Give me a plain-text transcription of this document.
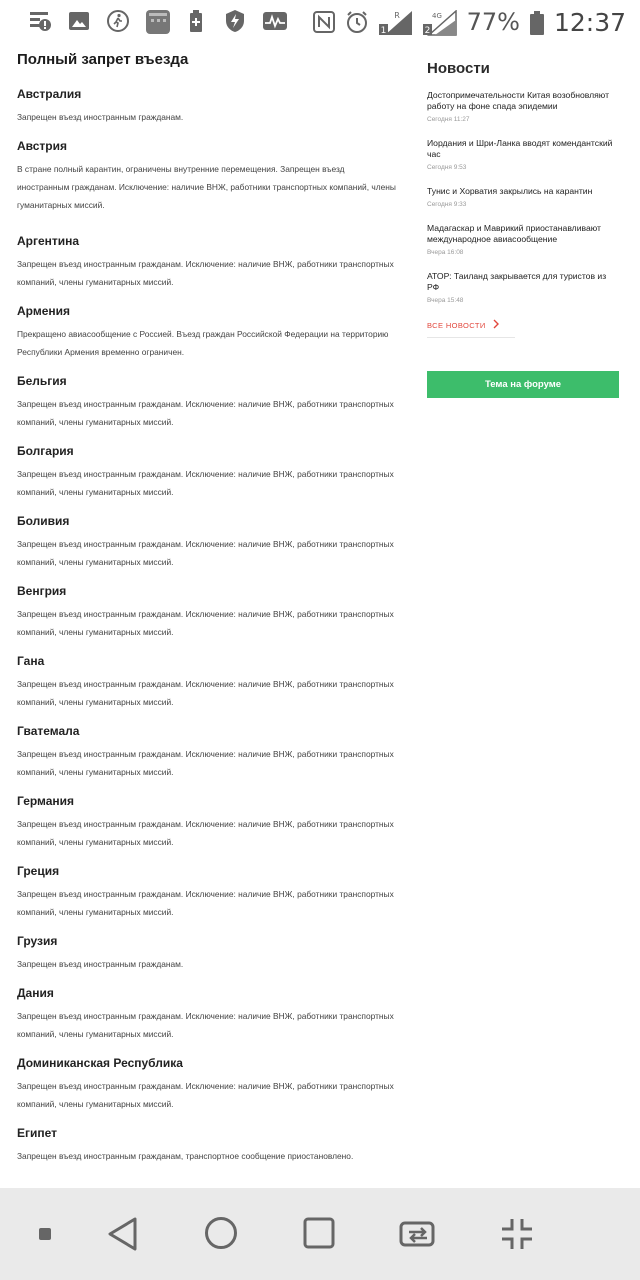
1
R
2
4G 77% 12:37
Полный запрет въезда
Австралия
Запрещен въезд иностранным гражданам.
Австрия
В стране полный карантин, ограничены внутренние перемещения. Запрещен въезд иностранным гражданам. Исключение: наличие ВНЖ, работники транспортных компаний, члены гуманитарных миссий.
Аргентина
Запрещен въезд иностранным гражданам. Исключение: наличие ВНЖ, работники транспортных компаний, члены гуманитарных миссий.
Армения
Прекращено авиасообщение с Россией. Въезд граждан Российской Федерации на территорию Республики Армения временно ограничен.
Бельгия
Запрещен въезд иностранным гражданам. Исключение: наличие ВНЖ, работники транспортных компаний, члены гуманитарных миссий.
Болгария
Запрещен въезд иностранным гражданам. Исключение: наличие ВНЖ, работники транспортных компаний, члены гуманитарных миссий.
Боливия
Запрещен въезд иностранным гражданам. Исключение: наличие ВНЖ, работники транспортных компаний, члены гуманитарных миссий.
Венгрия
Запрещен въезд иностранным гражданам. Исключение: наличие ВНЖ, работники транспортных компаний, члены гуманитарных миссий.
Гана
Запрещен въезд иностранным гражданам. Исключение: наличие ВНЖ, работники транспортных компаний, члены гуманитарных миссий.
Гватемала
Запрещен въезд иностранным гражданам. Исключение: наличие ВНЖ, работники транспортных компаний, члены гуманитарных миссий.
Германия
Запрещен въезд иностранным гражданам. Исключение: наличие ВНЖ, работники транспортных компаний, члены гуманитарных миссий.
Греция
Запрещен въезд иностранным гражданам. Исключение: наличие ВНЖ, работники транспортных компаний, члены гуманитарных миссий.
Грузия
Запрещен въезд иностранным гражданам.
Дания
Запрещен въезд иностранным гражданам. Исключение: наличие ВНЖ, работники транспортных компаний, члены гуманитарных миссий.
Доминиканская Республика
Запрещен въезд иностранным гражданам. Исключение: наличие ВНЖ, работники транспортных компаний, члены гуманитарных миссий.
Египет
Запрещен въезд иностранным гражданам, транспортное сообщение приостановлено.
Новости
Достопримечательности Китая возобновляют работу на фоне спада эпидемии
Сегодня 11:27
Иордания и Шри-Ланка вводят комендантский час
Сегодня 9:53
Тунис и Хорватия закрылись на карантин
Сегодня 9:33
Мадагаскар и Маврикий приостанавливают международное авиасообщение
Вчера 16:08
АТОР: Таиланд закрывается для туристов из РФ
Вчера 15:48
ВСЕ НОВОСТИ
Тема на форуме
